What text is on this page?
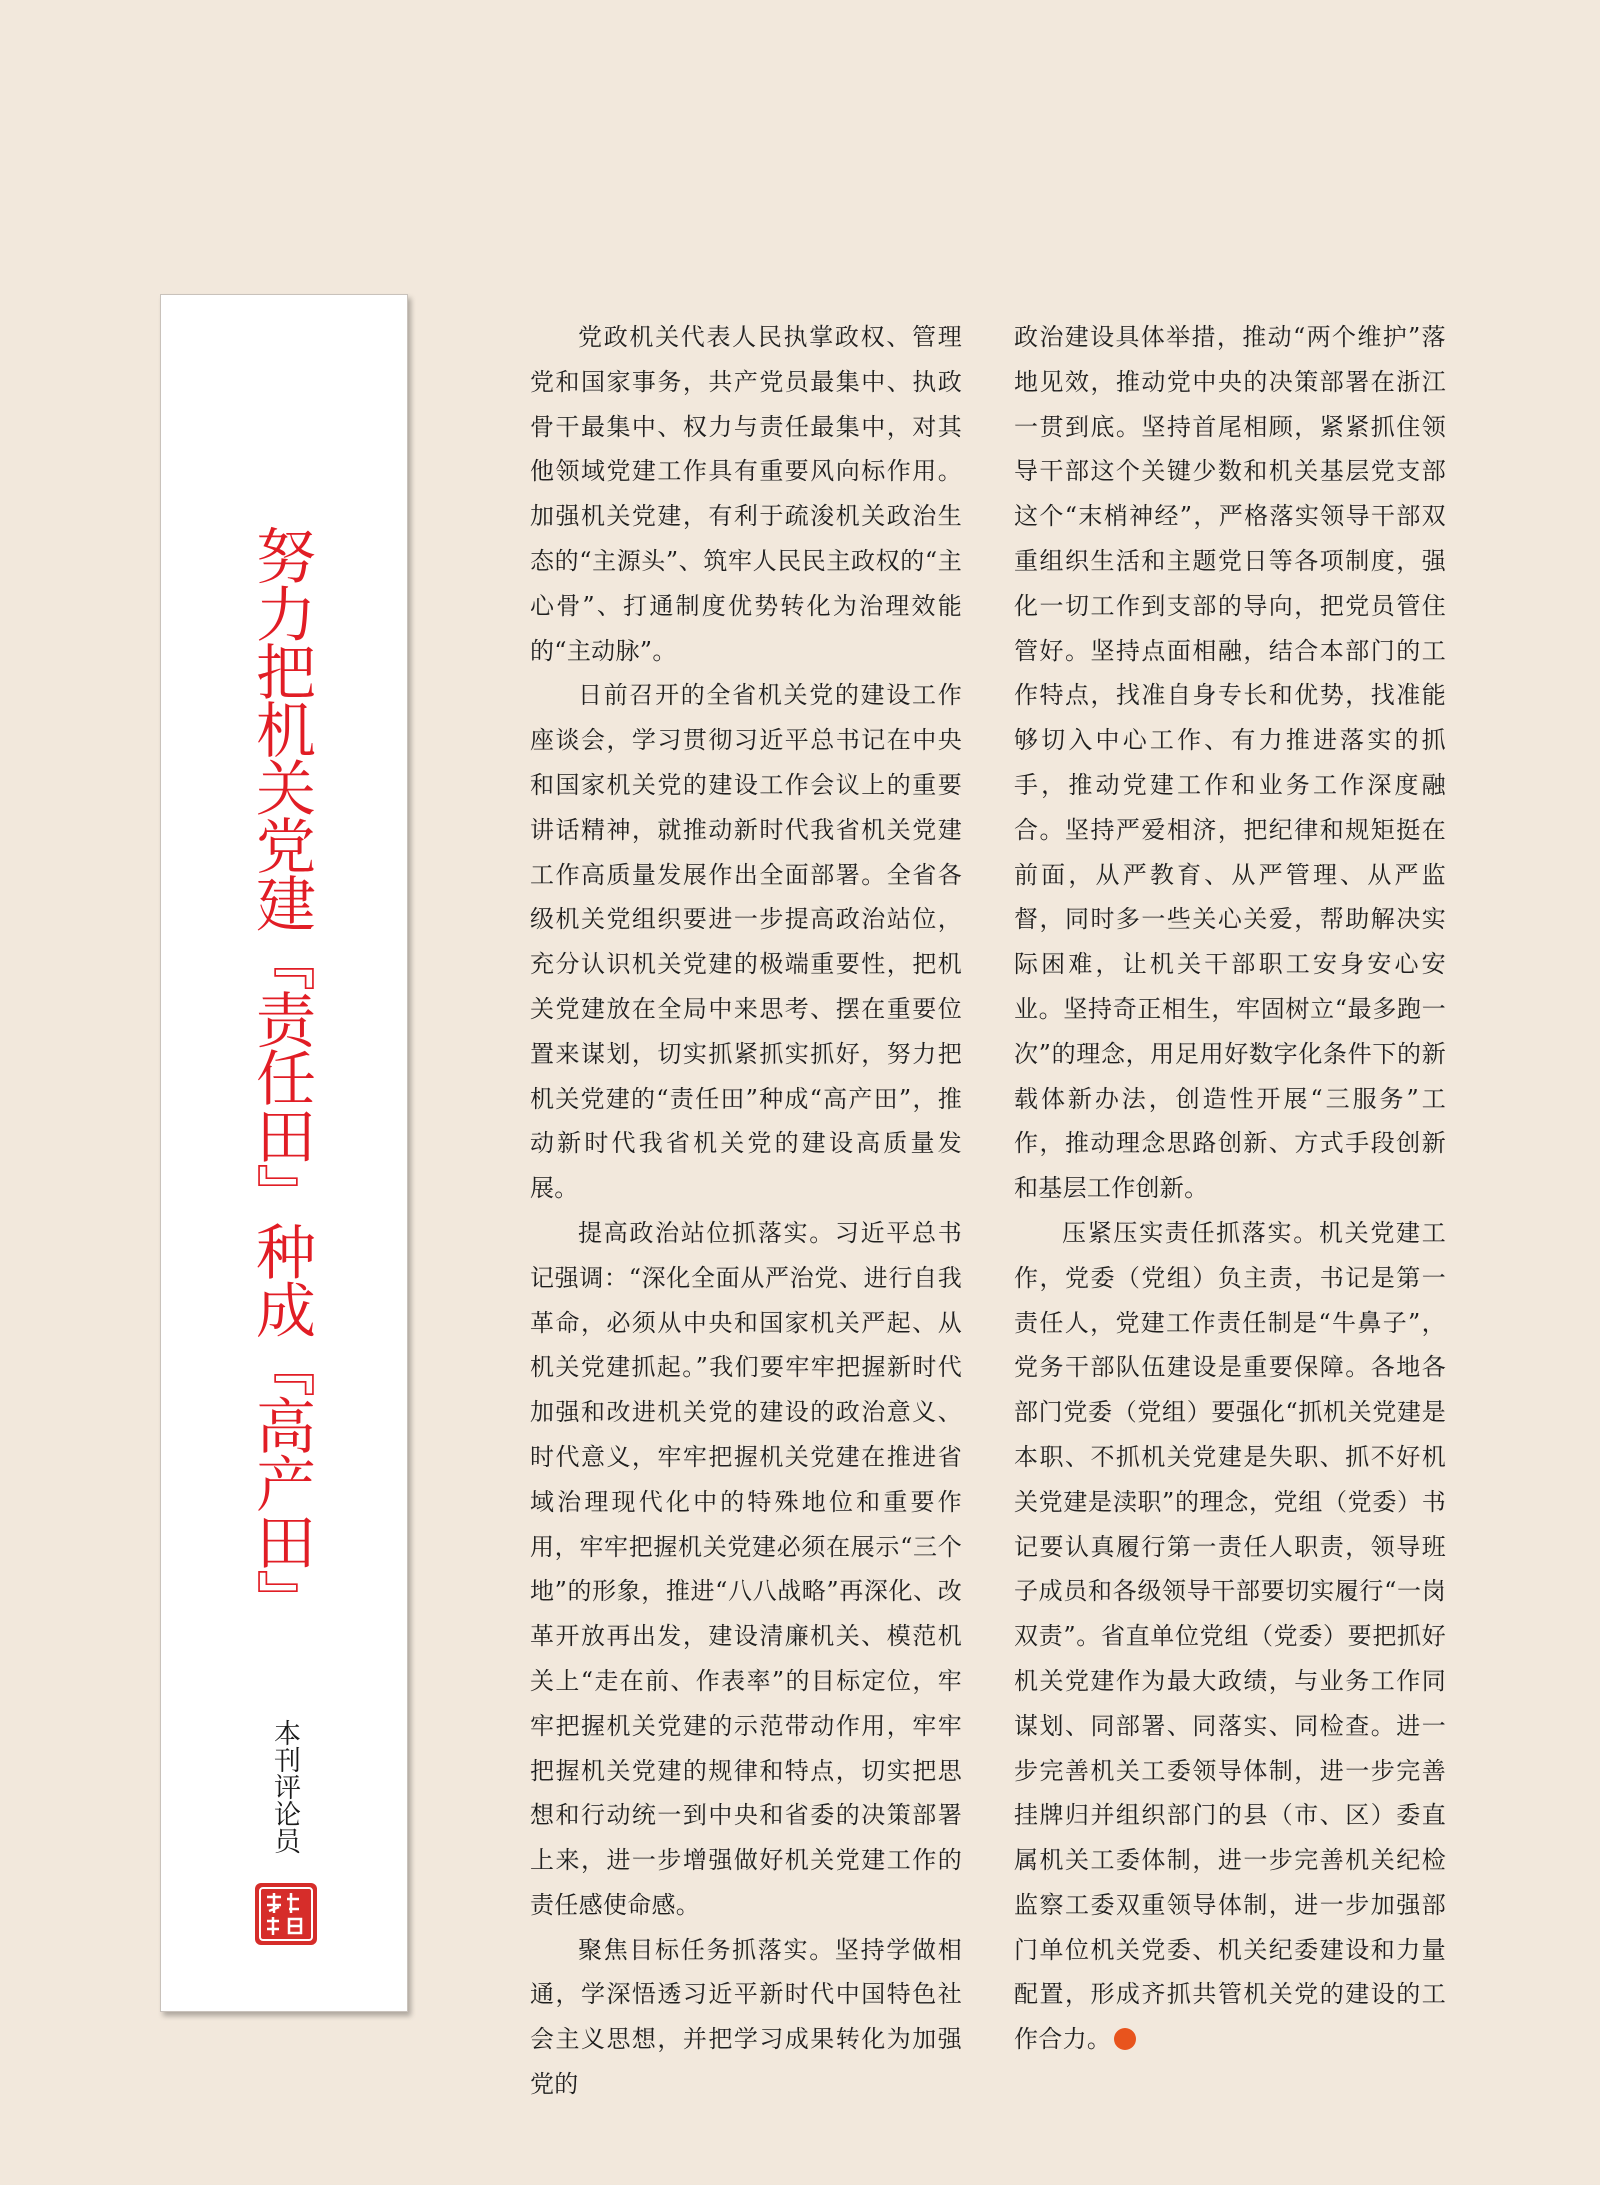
努力把机关党建『责任田』种成『高产田』
本刊评论员

党政机关代表人民执掌政权、管理党和国家事务，共产党员最集中、执政骨干最集中、权力与责任最集中，对其他领域党建工作具有重要风向标作用。加强机关党建，有利于疏浚机关政治生态的“主源头”、筑牢人民民主政权的“主心骨”、打通制度优势转化为治理效能的“主动脉”。

日前召开的全省机关党的建设工作座谈会，学习贯彻习近平总书记在中央和国家机关党的建设工作会议上的重要讲话精神，就推动新时代我省机关党建工作高质量发展作出全面部署。全省各级机关党组织要进一步提高政治站位，充分认识机关党建的极端重要性，把机关党建放在全局中来思考、摆在重要位置来谋划，切实抓紧抓实抓好，努力把机关党建的“责任田”种成“高产田”，推动新时代我省机关党的建设高质量发展。

提高政治站位抓落实。习近平总书记强调：“深化全面从严治党、进行自我革命，必须从中央和国家机关严起、从机关党建抓起。”我们要牢牢把握新时代加强和改进机关党的建设的政治意义、时代意义，牢牢把握机关党建在推进省域治理现代化中的特殊地位和重要作用，牢牢把握机关党建必须在展示“三个地”的形象，推进“八八战略”再深化、改革开放再出发，建设清廉机关、模范机关上“走在前、作表率”的目标定位，牢牢把握机关党建的示范带动作用，牢牢把握机关党建的规律和特点，切实把思想和行动统一到中央和省委的决策部署上来，进一步增强做好机关党建工作的责任感使命感。

聚焦目标任务抓落实。坚持学做相通，学深悟透习近平新时代中国特色社会主义思想，并把学习成果转化为加强党的

政治建设具体举措，推动“两个维护”落地见效，推动党中央的决策部署在浙江一贯到底。坚持首尾相顾，紧紧抓住领导干部这个关键少数和机关基层党支部这个“末梢神经”，严格落实领导干部双重组织生活和主题党日等各项制度，强化一切工作到支部的导向，把党员管住管好。坚持点面相融，结合本部门的工作特点，找准自身专长和优势，找准能够切入中心工作、有力推进落实的抓手，推动党建工作和业务工作深度融合。坚持严爱相济，把纪律和规矩挺在前面，从严教育、从严管理、从严监督，同时多一些关心关爱，帮助解决实际困难，让机关干部职工安身安心安业。坚持奇正相生，牢固树立“最多跑一次”的理念，用足用好数字化条件下的新载体新办法，创造性开展“三服务”工作，推动理念思路创新、方式手段创新和基层工作创新。

压紧压实责任抓落实。机关党建工作，党委（党组）负主责，书记是第一责任人，党建工作责任制是“牛鼻子”，党务干部队伍建设是重要保障。各地各部门党委（党组）要强化“抓机关党建是本职、不抓机关党建是失职、抓不好机关党建是渎职”的理念，党组（党委）书记要认真履行第一责任人职责，领导班子成员和各级领导干部要切实履行“一岗双责”。省直单位党组（党委）要把抓好机关党建作为最大政绩，与业务工作同谋划、同部署、同落实、同检查。进一步完善机关工委领导体制，进一步完善挂牌归并组织部门的县（市、区）委直属机关工委体制，进一步完善机关纪检监察工委双重领导体制，进一步加强部门单位机关党委、机关纪委建设和力量配置，形成齐抓共管机关党的建设的工作合力。
